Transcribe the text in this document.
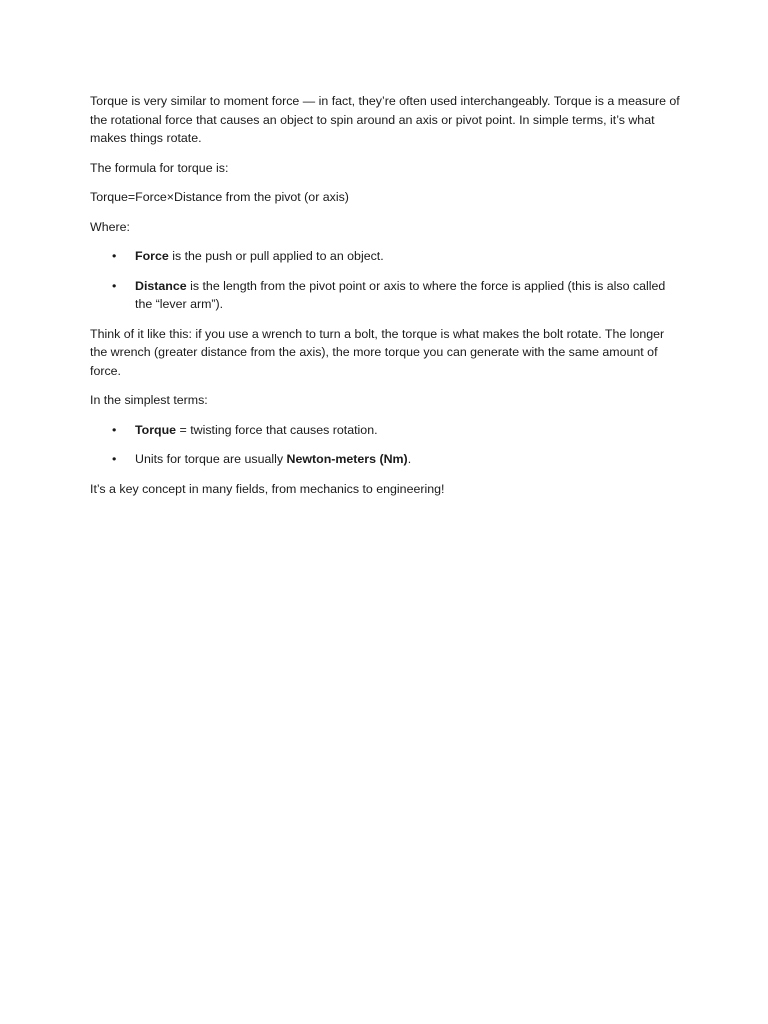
Torque is very similar to moment force — in fact, they’re often used interchangeably. Torque is a measure of the rotational force that causes an object to spin around an axis or pivot point. In simple terms, it’s what makes things rotate.

The formula for torque is:

Torque=Force×Distance from the pivot (or axis)

Where:

• Force is the push or pull applied to an object.
• Distance is the length from the pivot point or axis to where the force is applied (this is also called the “lever arm”).

Think of it like this: if you use a wrench to turn a bolt, the torque is what makes the bolt rotate. The longer the wrench (greater distance from the axis), the more torque you can generate with the same amount of force.

In the simplest terms:

• Torque = twisting force that causes rotation.
• Units for torque are usually Newton-meters (Nm).

It’s a key concept in many fields, from mechanics to engineering!
